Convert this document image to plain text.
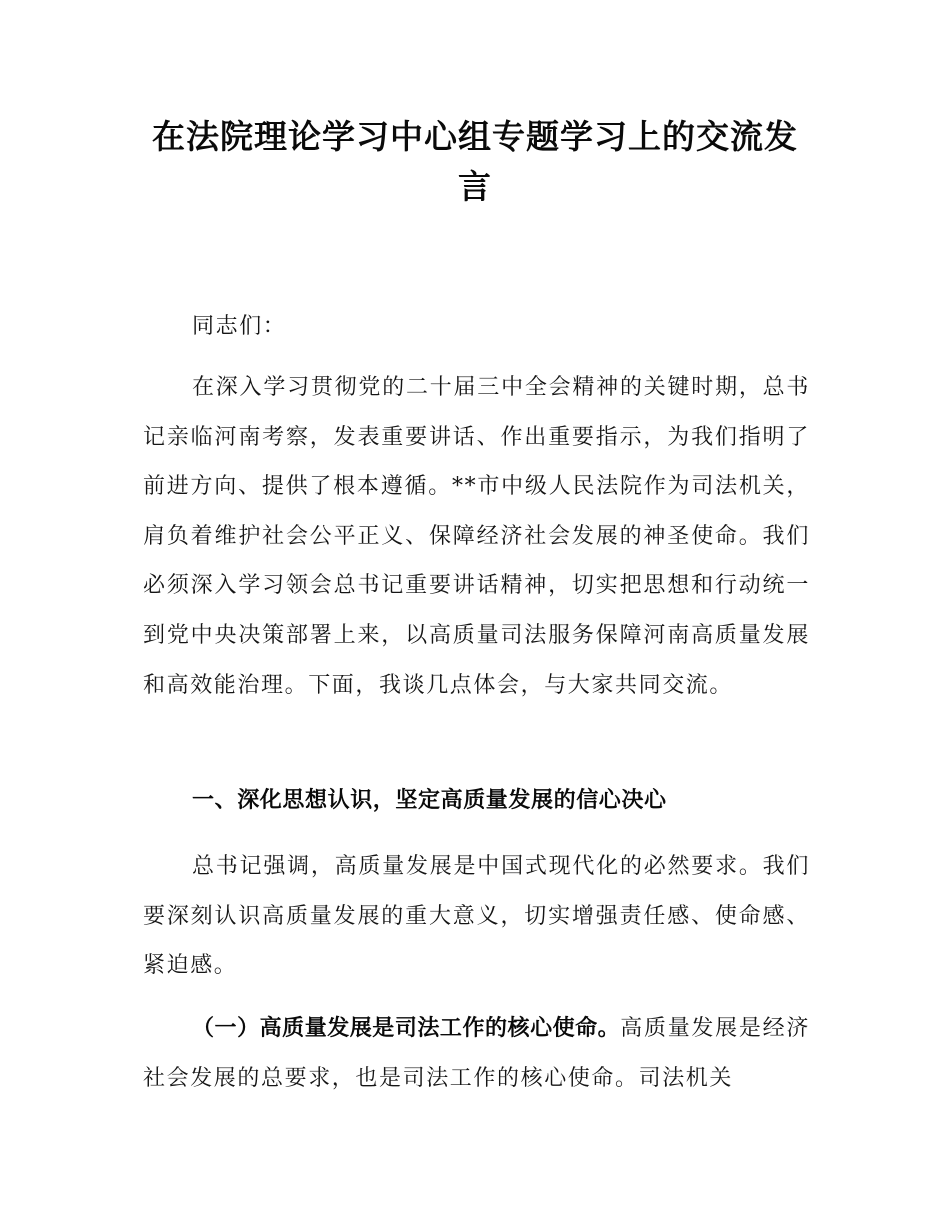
在法院理论学习中心组专题学习上的交流发言

同志们：

在深入学习贯彻党的二十届三中全会精神的关键时期，总书记亲临河南考察，发表重要讲话、作出重要指示，为我们指明了前进方向、提供了根本遵循。**市中级人民法院作为司法机关，肩负着维护社会公平正义、保障经济社会发展的神圣使命。我们必须深入学习领会总书记重要讲话精神，切实把思想和行动统一到党中央决策部署上来，以高质量司法服务保障河南高质量发展和高效能治理。下面，我谈几点体会，与大家共同交流。

一、深化思想认识，坚定高质量发展的信心决心

总书记强调，高质量发展是中国式现代化的必然要求。我们要深刻认识高质量发展的重大意义，切实增强责任感、使命感、紧迫感。

（一）高质量发展是司法工作的核心使命。高质量发展是经济社会发展的总要求，也是司法工作的核心使命。司法机关
